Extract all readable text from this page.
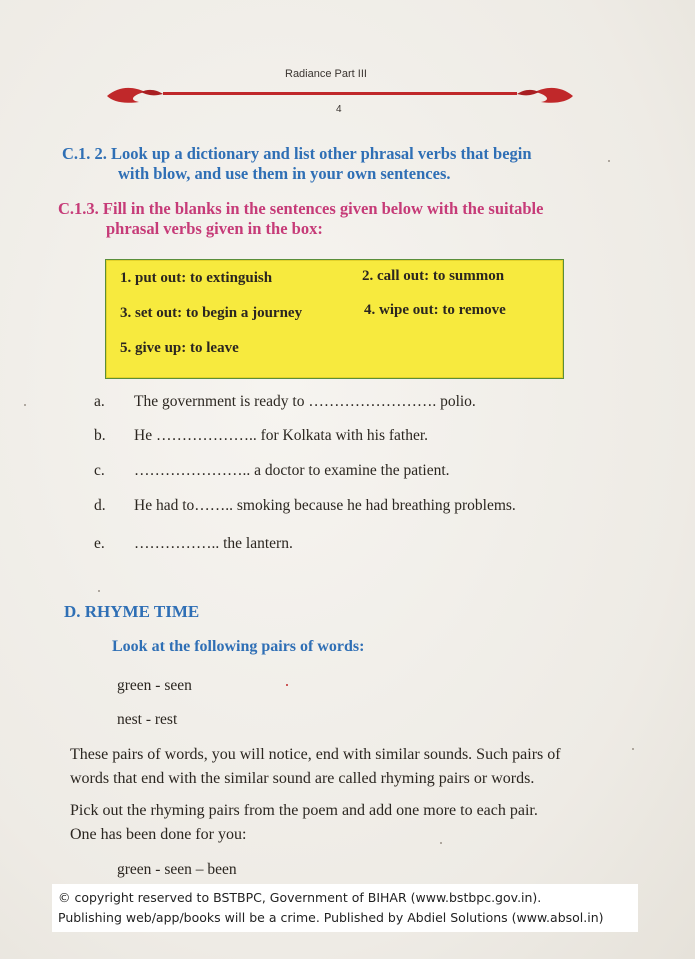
Radiance Part III
4
C.1. 2. Look up a dictionary and list other phrasal verbs that begin
with blow, and use them in your own sentences.
C.1.3. Fill in the blanks in the sentences given below with the suitable
phrasal verbs given in the box:
1. put out: to extinguish	2. call out: to summon
3. set out: to begin a journey	4. wipe out: to remove
5. give up: to leave
a. The government is ready to ……………………. polio.
b. He ……………….. for Kolkata with his father.
c. ………………….. a doctor to examine the patient.
d. He had to…….. smoking because he had breathing problems.
e. …………….. the lantern.
D. RHYME TIME
Look at the following pairs of words:
green - seen
nest - rest
These pairs of words, you will notice, end with similar sounds. Such pairs of
words that end with the similar sound are called rhyming pairs or words.
Pick out the rhyming pairs from the poem and add one more to each pair.
One has been done for you:
green - seen – been
© copyright reserved to BSTBPC, Government of BIHAR (www.bstbpc.gov.in).
Publishing web/app/books will be a crime. Published by Abdiel Solutions (www.absol.in)
